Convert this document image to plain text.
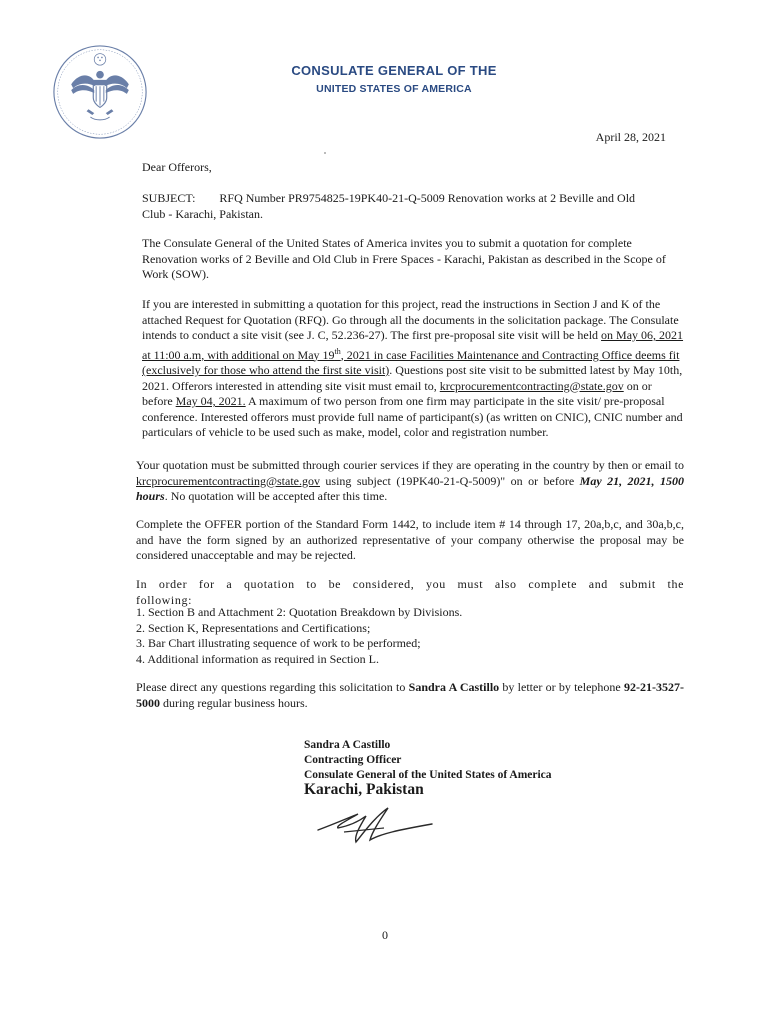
CONSULATE GENERAL OF THE
UNITED STATES OF AMERICA
April 28, 2021

Dear Offerors,

SUBJECT: RFQ Number PR9754825-19PK40-21-Q-5009 Renovation works at 2 Beville and Old
Club - Karachi, Pakistan.

The Consulate General of the United States of America invites you to submit a quotation for complete Renovation works of 2 Beville and Old Club in Frere Spaces - Karachi, Pakistan as described in the Scope of Work (SOW).

If you are interested in submitting a quotation for this project, read the instructions in Section J and K of the attached Request for Quotation (RFQ). Go through all the documents in the solicitation package. The Consulate intends to conduct a site visit (see J. C, 52.236-27). The first pre-proposal site visit will be held on May 06, 2021 at 11:00 a.m, with additional on May 19th, 2021 in case Facilities Maintenance and Contracting Office deems fit (exclusively for those who attend the first site visit). Questions post site visit to be submitted latest by May 10th, 2021. Offerors interested in attending site visit must email to, krcprocurementcontracting@state.gov on or before May 04, 2021. A maximum of two person from one firm may participate in the site visit/ pre-proposal conference. Interested offerors must provide full name of participant(s) (as written on CNIC), CNIC number and particulars of vehicle to be used such as make, model, color and registration number.

Your quotation must be submitted through courier services if they are operating in the country by then or email to krcprocurementcontracting@state.gov using subject (19PK40-21-Q-5009)" on or before May 21, 2021, 1500 hours. No quotation will be accepted after this time.

Complete the OFFER portion of the Standard Form 1442, to include item # 14 through 17, 20a,b,c, and 30a,b,c, and have the form signed by an authorized representative of your company otherwise the proposal may be considered unacceptable and may be rejected.

In order for a quotation to be considered, you must also complete and submit the following:

1. Section B and Attachment 2: Quotation Breakdown by Divisions.
2. Section K, Representations and Certifications;
3. Bar Chart illustrating sequence of work to be performed;
4. Additional information as required in Section L.

Please direct any questions regarding this solicitation to Sandra A Castillo by letter or by telephone 92-21-3527-5000 during regular business hours.

Sandra A Castillo
Contracting Officer
Consulate General of the United States of America
Karachi, Pakistan
0
